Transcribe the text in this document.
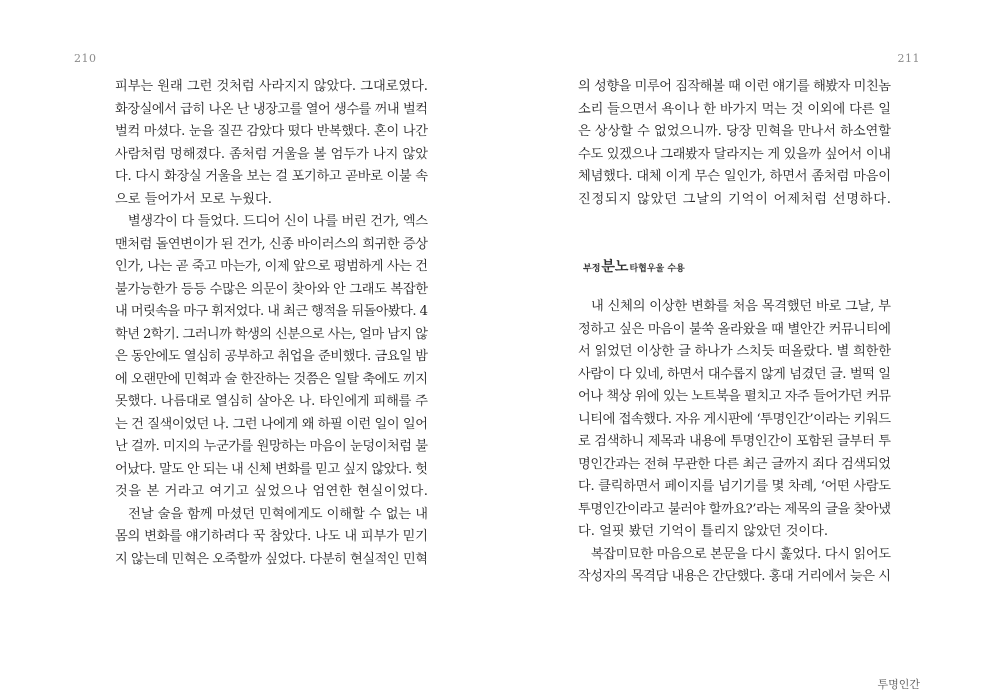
210
피부는 원래 그런 것처럼 사라지지 않았다. 그대로였다.
화장실에서 급히 나온 난 냉장고를 열어 생수를 꺼내 벌컥
벌컥 마셨다. 눈을 질끈 감았다 떴다 반복했다. 혼이 나간
사람처럼 멍해졌다. 좀처럼 거울을 볼 엄두가 나지 않았
다. 다시 화장실 거울을 보는 걸 포기하고 곧바로 이불 속
으로 들어가서 모로 누웠다.
　별생각이 다 들었다. 드디어 신이 나를 버린 건가, 엑스
맨처럼 돌연변이가 된 건가, 신종 바이러스의 희귀한 증상
인가, 나는 곧 죽고 마는가, 이제 앞으로 평범하게 사는 건
불가능한가 등등 수많은 의문이 찾아와 안 그래도 복잡한
내 머릿속을 마구 휘저었다. 내 최근 행적을 뒤돌아봤다. 4
학년 2학기. 그러니까 학생의 신분으로 사는, 얼마 남지 않
은 동안에도 열심히 공부하고 취업을 준비했다. 금요일 밤
에 오랜만에 민혁과 술 한잔하는 것쯤은 일탈 축에도 끼지
못했다. 나름대로 열심히 살아온 나. 타인에게 피해를 주
는 건 질색이었던 나. 그런 나에게 왜 하필 이런 일이 일어
난 걸까. 미지의 누군가를 원망하는 마음이 눈덩이처럼 불
어났다. 말도 안 되는 내 신체 변화를 믿고 싶지 않았다. 헛
것을 본 거라고 여기고 싶었으나 엄연한 현실이었다.
　전날 술을 함께 마셨던 민혁에게도 이해할 수 없는 내
몸의 변화를 얘기하려다 꾹 참았다. 나도 내 피부가 믿기
지 않는데 민혁은 오죽할까 싶었다. 다분히 현실적인 민혁
211
의 성향을 미루어 짐작해볼 때 이런 얘기를 해봤자 미친놈
소리 들으면서 욕이나 한 바가지 먹는 것 이외에 다른 일
은 상상할 수 없었으니까. 당장 민혁을 만나서 하소연할
수도 있겠으나 그래봤자 달라지는 게 있을까 싶어서 이내
체념했다. 대체 이게 무슨 일인가, 하면서 좀처럼 마음이
진정되지 않았던 그날의 기억이 어제처럼 선명하다.
부정분노타협우울 수용
　내 신체의 이상한 변화를 처음 목격했던 바로 그날, 부
정하고 싶은 마음이 불쑥 올라왔을 때 별안간 커뮤니티에
서 읽었던 이상한 글 하나가 스치듯 떠올랐다. 별 희한한
사람이 다 있네, 하면서 대수롭지 않게 넘겼던 글. 벌떡 일
어나 책상 위에 있는 노트북을 펼치고 자주 들어가던 커뮤
니티에 접속했다. 자유 게시판에 ‘투명인간’이라는 키워드
로 검색하니 제목과 내용에 투명인간이 포함된 글부터 투
명인간과는 전혀 무관한 다른 최근 글까지 죄다 검색되었
다. 클릭하면서 페이지를 넘기기를 몇 차례, ‘어떤 사람도
투명인간이라고 불러야 할까요?’라는 제목의 글을 찾아냈
다. 얼핏 봤던 기억이 틀리지 않았던 것이다.
　복잡미묘한 마음으로 본문을 다시 훑었다. 다시 읽어도
작성자의 목격담 내용은 간단했다. 홍대 거리에서 늦은 시
투명인간
